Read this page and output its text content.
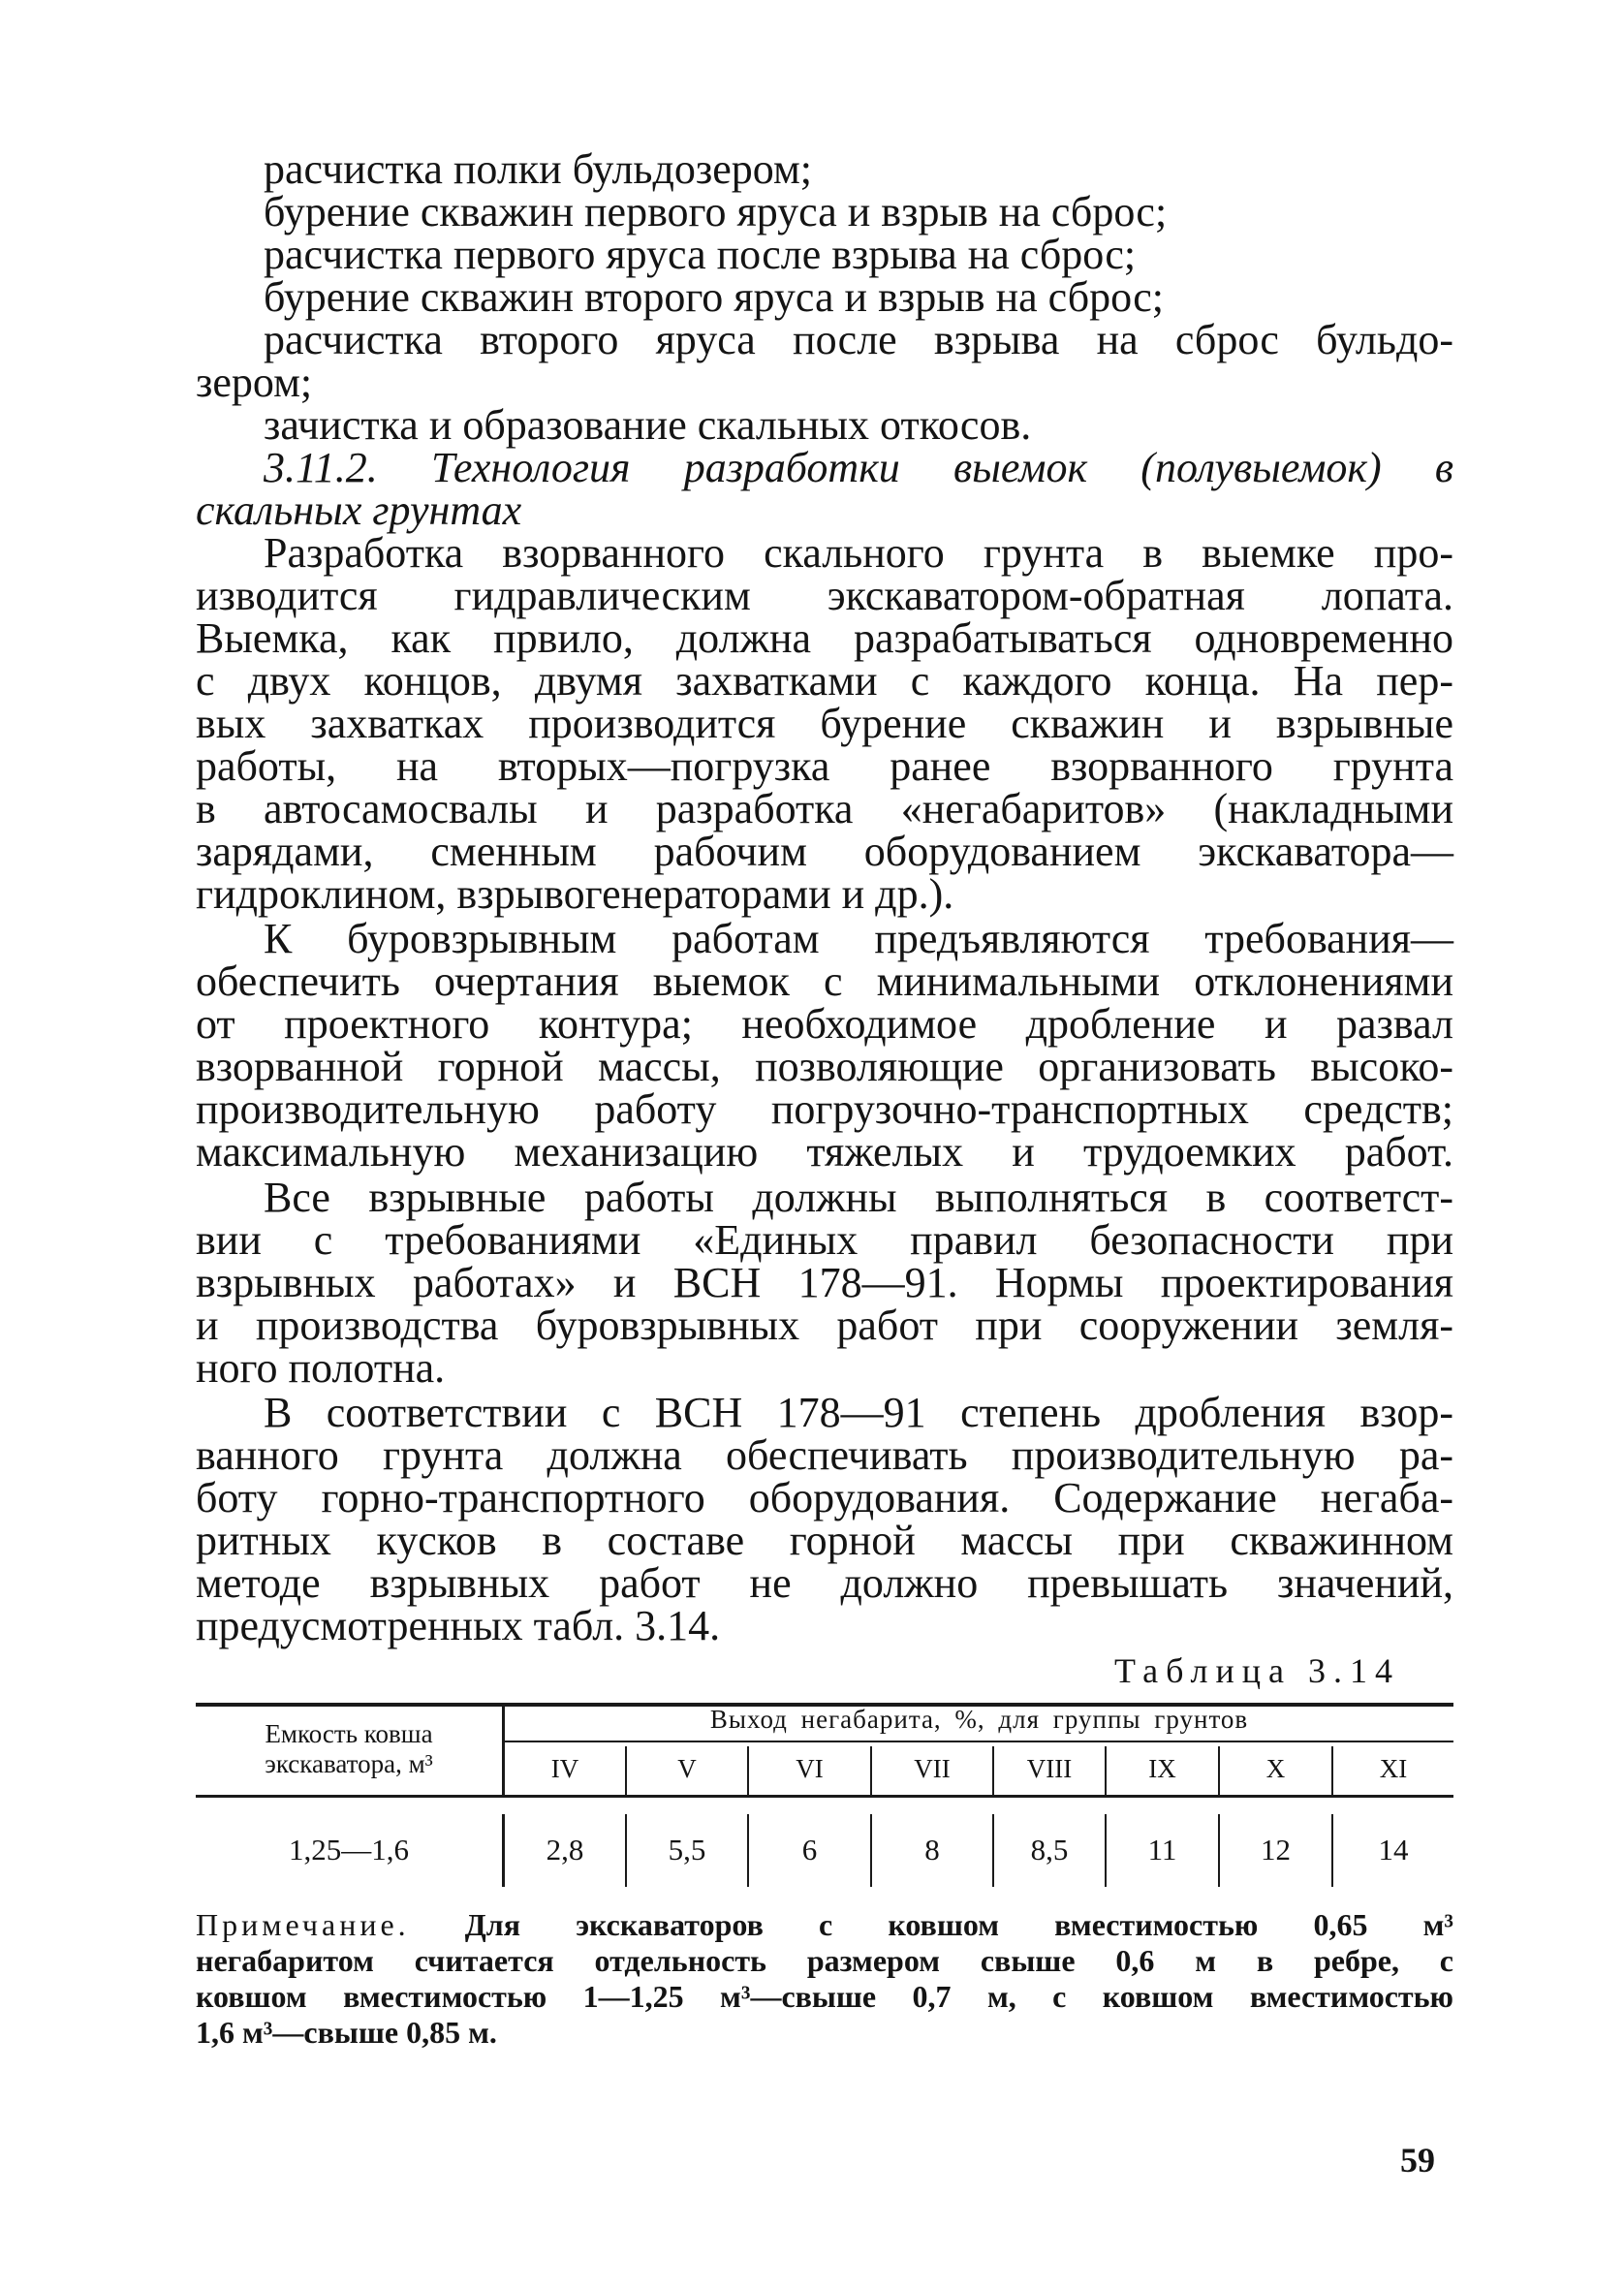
расчистка полки бульдозером;
бурение скважин первого яруса и взрыв на сброс;
расчистка первого яруса после взрыва на сброс;
бурение скважин второго яруса и взрыв на сброс;
расчистка второго яруса после взрыва на сброс бульдо-
зером;
зачистка и образование скальных откосов.
3.11.2. Технология разработки выемок (полувыемок) в
скальных грунтах
Разработка взорванного скального грунта в выемке про-
изводится гидравлическим экскаватором-обратная лопата.
Выемка, как првило, должна разрабатываться одновременно
с двух концов, двумя захватками с каждого конца. На пер-
вых захватках производится бурение скважин и взрывные
работы, на вторых—погрузка ранее взорванного грунта
в автосамосвалы и разработка «негабаритов» (накладными
зарядами, сменным рабочим оборудованием экскаватора—
гидроклином, взрывогенераторами и др.).
К буровзрывным работам предъявляются требования—
обеспечить очертания выемок с минимальными отклонениями
от проектного контура; необходимое дробление и развал
взорванной горной массы, позволяющие организовать высоко-
производительную работу погрузочно-транспортных средств;
максимальную механизацию тяжелых и трудоемких работ.
Все взрывные работы должны выполняться в соответст-
вии с требованиями «Единых правил безопасности при
взрывных работах» и ВСН 178—91. Нормы проектирования
и производства буровзрывных работ при сооружении земля-
ного полотна.
В соответствии с ВСН 178—91 степень дробления взор-
ванного грунта должна обеспечивать производительную ра-
боту горно-транспортного оборудования. Содержание негаба-
ритных кусков в составе горной массы при скважинном
методе взрывных работ не должно превышать значений,
предусмотренных табл. 3.14.
Таблица 3.14
Емкость ковша
экскаватора, м³
Выход негабарита, %, для группы грунтов
IV	V	VI	VII	VIII	IX	X	XI
1,25—1,6	2,8	5,5	6	8	8,5	11	12	14
Примечание. Для экскаваторов с ковшом вместимостью 0,65 м³
негабаритом считается отдельность размером свыше 0,6 м в ребре, с
ковшом вместимостью 1—1,25 м³—свыше 0,7 м, с ковшом вместимостью
1,6 м³—свыше 0,85 м.
59
